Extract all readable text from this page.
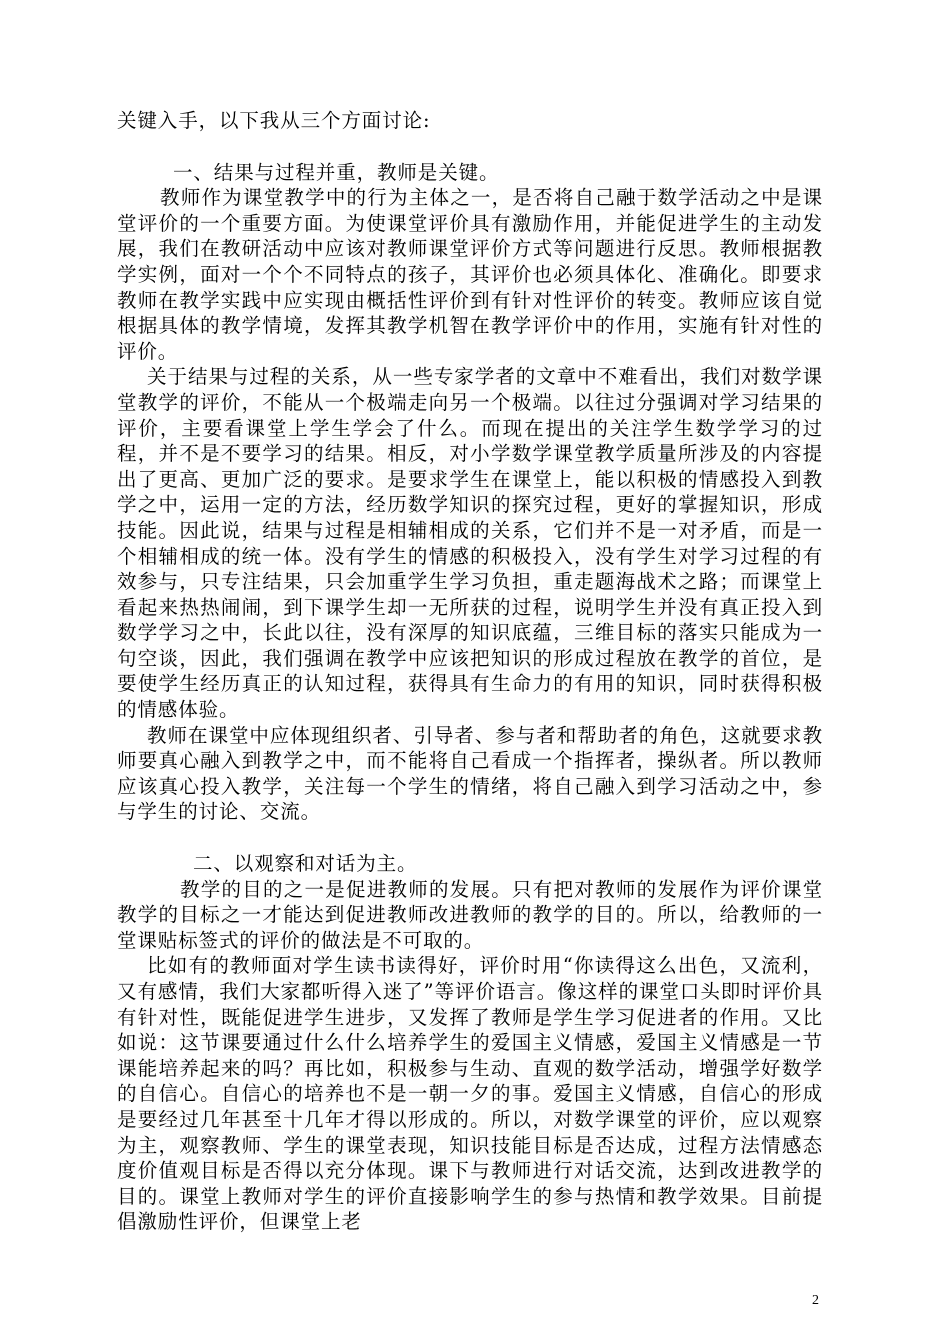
关键入手，以下我从三个方面讨论:

一、结果与过程并重，教师是关键。

教师作为课堂教学中的行为主体之一，是否将自己融于数学活动之中是课堂评价的一个重要方面。为使课堂评价具有激励作用，并能促进学生的主动发展，我们在教研活动中应该对教师课堂评价方式等问题进行反思。教师根据教学实例，面对一个个不同特点的孩子，其评价也必须具体化、准确化。即要求教师在教学实践中应实现由概括性评价到有针对性评价的转变。教师应该自觉根据具体的教学情境，发挥其教学机智在教学评价中的作用，实施有针对性的评价。

关于结果与过程的关系，从一些专家学者的文章中不难看出，我们对数学课堂教学的评价，不能从一个极端走向另一个极端。以往过分强调对学习结果的评价，主要看课堂上学生学会了什么。而现在提出的关注学生数学学习的过程，并不是不要学习的结果。相反，对小学数学课堂教学质量所涉及的内容提出了更高、更加广泛的要求。是要求学生在课堂上，能以积极的情感投入到教学之中，运用一定的方法，经历数学知识的探究过程，更好的掌握知识，形成技能。因此说，结果与过程是相辅相成的关系，它们并不是一对矛盾，而是一个相辅相成的统一体。没有学生的情感的积极投入，没有学生对学习过程的有效参与，只专注结果，只会加重学生学习负担，重走题海战术之路；而课堂上看起来热热闹闹，到下课学生却一无所获的过程，说明学生并没有真正投入到数学学习之中，长此以往，没有深厚的知识底蕴，三维目标的落实只能成为一句空谈，因此，我们强调在教学中应该把知识的形成过程放在教学的首位，是要使学生经历真正的认知过程，获得具有生命力的有用的知识，同时获得积极的情感体验。

教师在课堂中应体现组织者、引导者、参与者和帮助者的角色，这就要求教师要真心融入到教学之中，而不能将自己看成一个指挥者，操纵者。所以教师应该真心投入教学，关注每一个学生的情绪，将自己融入到学习活动之中，参与学生的讨论、交流。

二、以观察和对话为主。

教学的目的之一是促进教师的发展。只有把对教师的发展作为评价课堂教学的目标之一才能达到促进教师改进教师的教学的目的。所以，给教师的一堂课贴标签式的评价的做法是不可取的。

比如有的教师面对学生读书读得好，评价时用“你读得这么出色，又流利，又有感情，我们大家都听得入迷了”等评价语言。像这样的课堂口头即时评价具有针对性，既能促进学生进步，又发挥了教师是学生学习促进者的作用。又比如说：这节课要通过什么什么培养学生的爱国主义情感，爱国主义情感是一节课能培养起来的吗？再比如，积极参与生动、直观的数学活动，增强学好数学的自信心。自信心的培养也不是一朝一夕的事。爱国主义情感，自信心的形成是要经过几年甚至十几年才得以形成的。所以，对数学课堂的评价，应以观察为主，观察教师、学生的课堂表现，知识技能目标是否达成，过程方法情感态度价值观目标是否得以充分体现。课下与教师进行对话交流，达到改进教学的目的。课堂上教师对学生的评价直接影响学生的参与热情和教学效果。目前提倡激励性评价，但课堂上老

2
